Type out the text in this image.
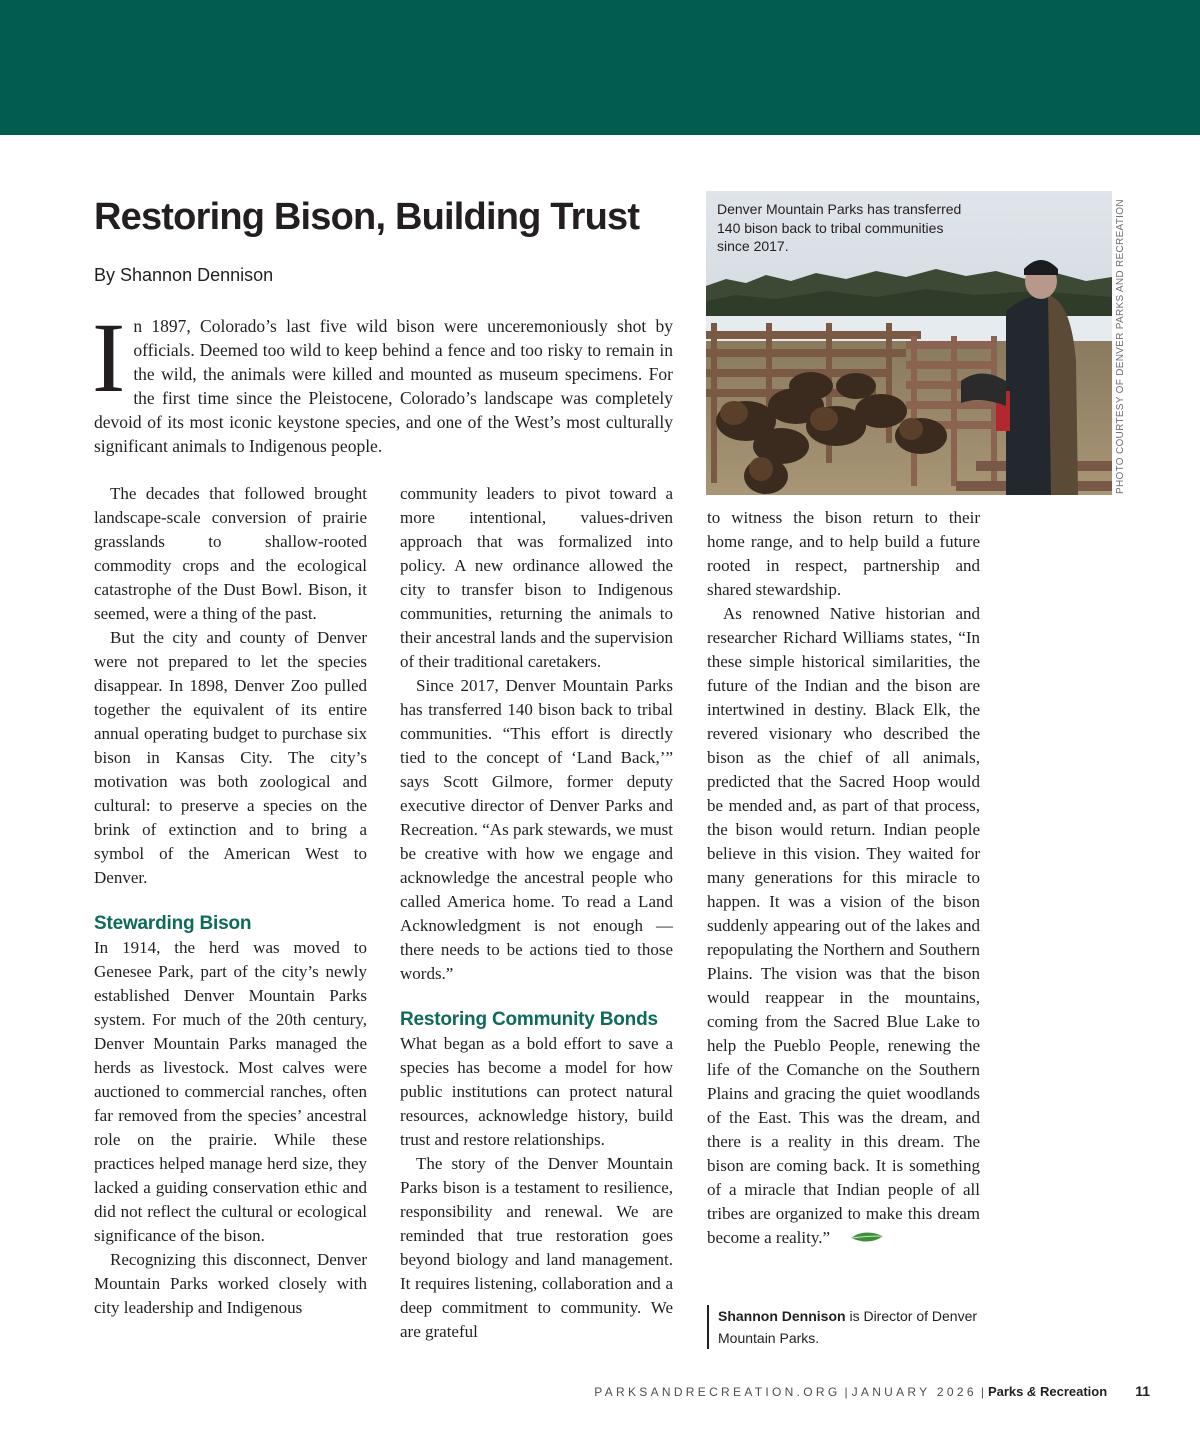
Restoring Bison, Building Trust
By Shannon Dennison

In 1897, Colorado’s last five wild bison were unceremoniously shot by officials. Deemed too wild to keep behind a fence and too risky to remain in the wild, the animals were killed and mounted as museum specimens. For the first time since the Pleistocene, Colorado’s landscape was completely devoid of its most iconic keystone species, and one of the West’s most culturally significant animals to Indigenous people.

Denver Mountain Parks has transferred 140 bison back to tribal communities since 2017.	PHOTO COURTESY OF DENVER PARKS AND RECREATION

The decades that followed brought landscape-scale conversion of prairie grasslands to shallow-rooted commodity crops and the ecological catastrophe of the Dust Bowl. Bison, it seemed, were a thing of the past.

But the city and county of Denver were not prepared to let the species disappear. In 1898, Denver Zoo pulled together the equivalent of its entire annual operating budget to purchase six bison in Kansas City. The city’s motivation was both zoological and cultural: to preserve a species on the brink of extinction and to bring a symbol of the American West to Denver.

Stewarding Bison

In 1914, the herd was moved to Genesee Park, part of the city’s newly established Denver Mountain Parks system. For much of the 20th century, Denver Mountain Parks managed the herds as livestock. Most calves were auctioned to commercial ranches, often far removed from the species’ ancestral role on the prairie. While these practices helped manage herd size, they lacked a guiding conservation ethic and did not reflect the cultural or ecological significance of the bison.

Recognizing this disconnect, Denver Mountain Parks worked closely with city leadership and Indigenous

community leaders to pivot toward a more intentional, values-driven approach that was formalized into policy. A new ordinance allowed the city to transfer bison to Indigenous communities, returning the animals to their ancestral lands and the supervision of their traditional caretakers.

Since 2017, Denver Mountain Parks has transferred 140 bison back to tribal communities. “This effort is directly tied to the concept of ‘Land Back,’” says Scott Gilmore, former deputy executive director of Denver Parks and Recreation. “As park stewards, we must be creative with how we engage and acknowledge the ancestral people who called America home. To read a Land Acknowledgment is not enough — there needs to be actions tied to those words.”

Restoring Community Bonds

What began as a bold effort to save a species has become a model for how public institutions can protect natural resources, acknowledge history, build trust and restore relationships.

The story of the Denver Mountain Parks bison is a testament to resilience, responsibility and renewal. We are reminded that true restoration goes beyond biology and land management. It requires listening, collaboration and a deep commitment to community. We are grateful

to witness the bison return to their home range, and to help build a future rooted in respect, partnership and shared stewardship.

As renowned Native historian and researcher Richard Williams states, “In these simple historical similarities, the future of the Indian and the bison are intertwined in destiny. Black Elk, the revered visionary who described the bison as the chief of all animals, predicted that the Sacred Hoop would be mended and, as part of that process, the bison would return. Indian people believe in this vision. They waited for many generations for this miracle to happen. It was a vision of the bison suddenly appearing out of the lakes and repopulating the Northern and Southern Plains. The vision was that the bison would reappear in the mountains, coming from the Sacred Blue Lake to help the Pueblo People, renewing the life of the Comanche on the Southern Plains and gracing the quiet woodlands of the East. This was the dream, and there is a reality in this dream. The bison are coming back. It is something of a miracle that Indian people of all tribes are organized to make this dream become a reality.”

Shannon Dennison is Director of Denver Mountain Parks.
PARKSANDRECREATION.ORG | JANUARY 2026 | Parks & Recreation 11
